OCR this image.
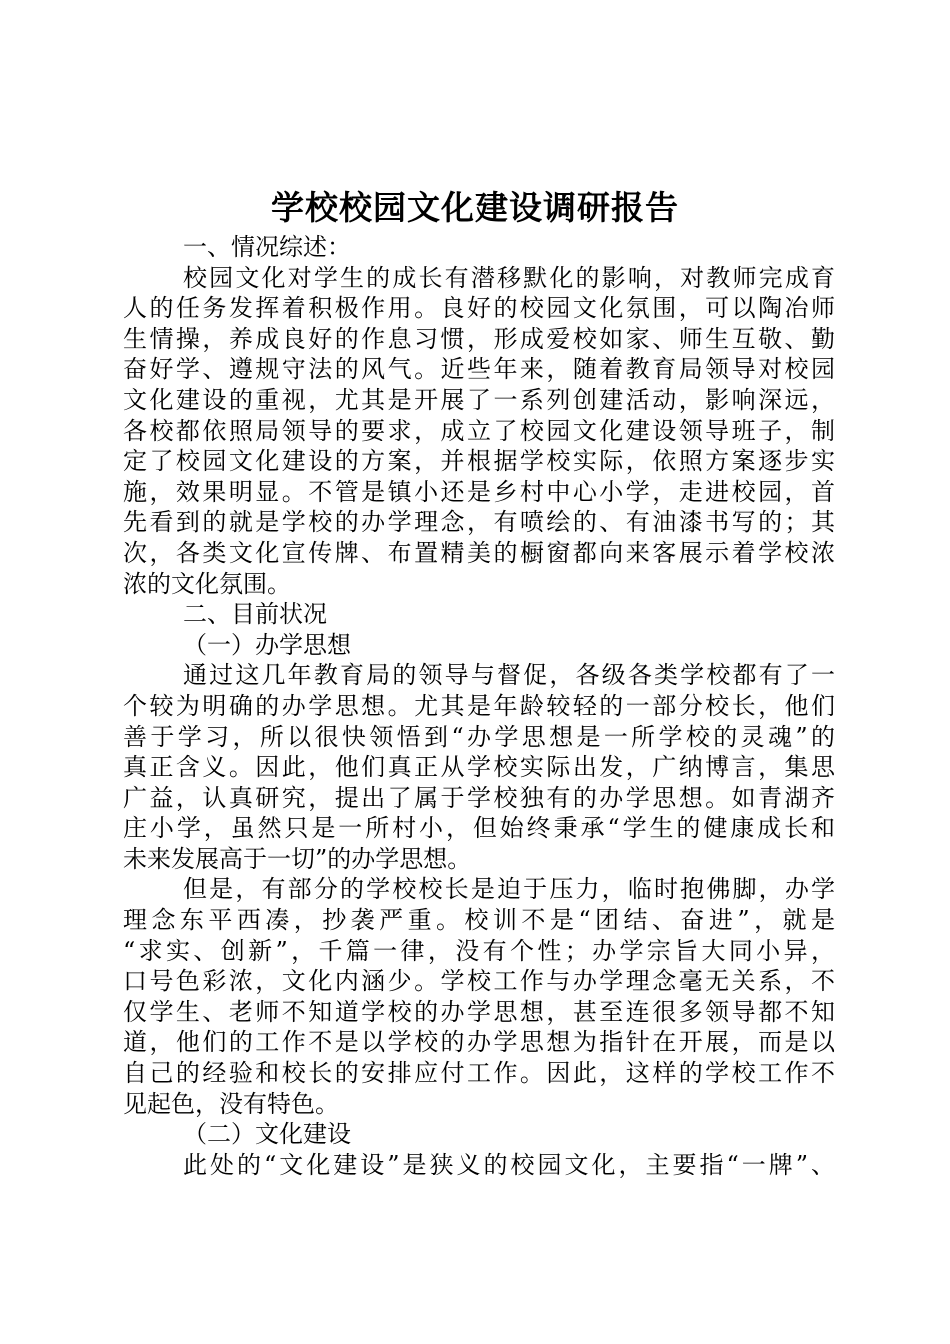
学校校园文化建设调研报告
一、情况综述：
校园文化对学生的成长有潜移默化的影响，对教师完成育
人的任务发挥着积极作用。良好的校园文化氛围，可以陶冶师
生情操，养成良好的作息习惯，形成爱校如家、师生互敬、勤
奋好学、遵规守法的风气。近些年来，随着教育局领导对校园
文化建设的重视，尤其是开展了一系列创建活动，影响深远，
各校都依照局领导的要求，成立了校园文化建设领导班子，制
定了校园文化建设的方案，并根据学校实际，依照方案逐步实
施，效果明显。不管是镇小还是乡村中心小学，走进校园，首
先看到的就是学校的办学理念，有喷绘的、有油漆书写的；其
次，各类文化宣传牌、布置精美的橱窗都向来客展示着学校浓
浓的文化氛围。
二、目前状况
（一）办学思想
通过这几年教育局的领导与督促，各级各类学校都有了一
个较为明确的办学思想。尤其是年龄较轻的一部分校长，他们
善于学习，所以很快领悟到“办学思想是一所学校的灵魂”的
真正含义。因此，他们真正从学校实际出发，广纳博言，集思
广益，认真研究，提出了属于学校独有的办学思想。如青湖齐
庄小学，虽然只是一所村小，但始终秉承“学生的健康成长和
未来发展高于一切”的办学思想。
但是，有部分的学校校长是迫于压力，临时抱佛脚，办学
理念东平西凑，抄袭严重。校训不是“团结、奋进”，就是
“求实、创新”，千篇一律，没有个性；办学宗旨大同小异，
口号色彩浓，文化内涵少。学校工作与办学理念毫无关系，不
仅学生、老师不知道学校的办学思想，甚至连很多领导都不知
道，他们的工作不是以学校的办学思想为指针在开展，而是以
自己的经验和校长的安排应付工作。因此，这样的学校工作不
见起色，没有特色。
（二）文化建设
此处的“文化建设”是狭义的校园文化，主要指“一牌”、
